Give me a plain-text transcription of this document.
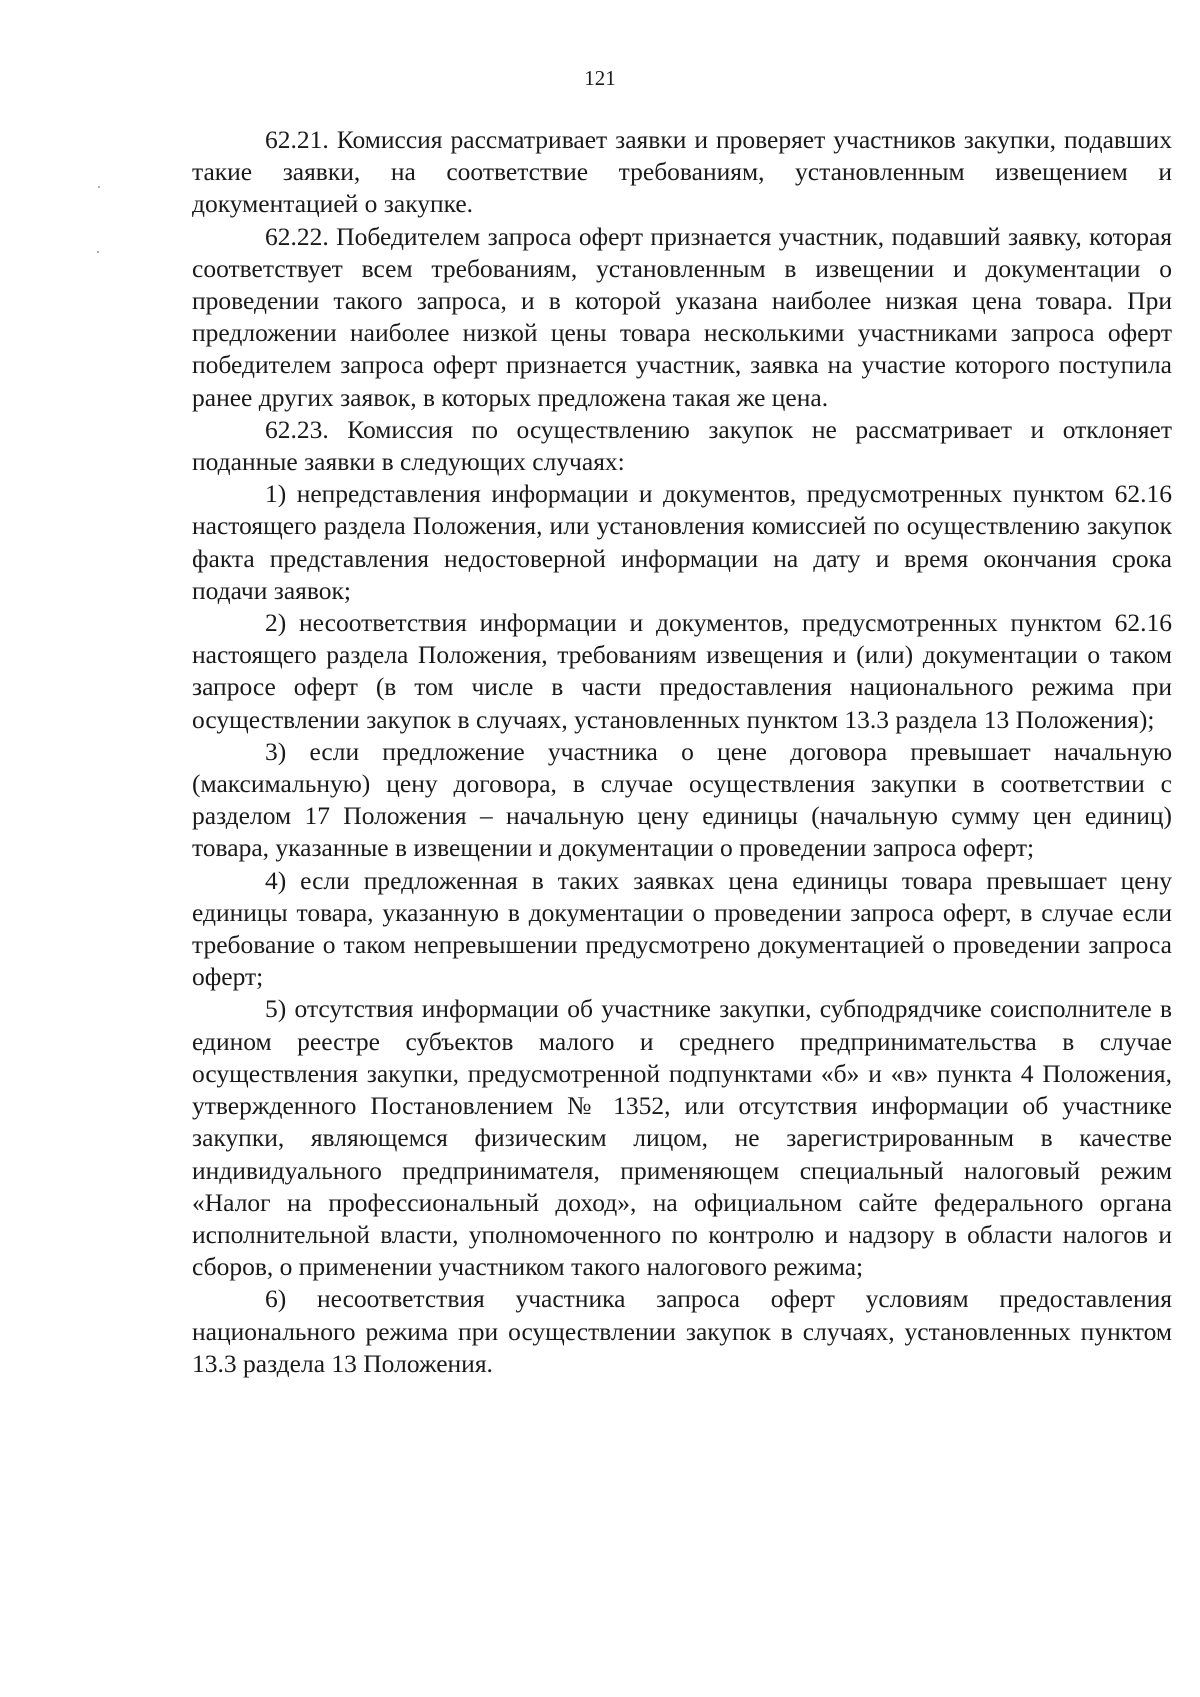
121

62.21. Комиссия рассматривает заявки и проверяет участников закупки, подавших такие заявки, на соответствие требованиям, установленным извещением и документацией о закупке.

62.22. Победителем запроса оферт признается участник, подавший заявку, которая соответствует всем требованиям, установленным в извещении и документации о проведении такого запроса, и в которой указана наиболее низкая цена товара. При предложении наиболее низкой цены товара несколькими участниками запроса оферт победителем запроса оферт признается участник, заявка на участие которого поступила ранее других заявок, в которых предложена такая же цена.

62.23. Комиссия по осуществлению закупок не рассматривает и отклоняет поданные заявки в следующих случаях:

1) непредставления информации и документов, предусмотренных пунктом 62.16 настоящего раздела Положения, или установления комиссией по осуществлению закупок факта представления недостоверной информации на дату и время окончания срока подачи заявок;

2) несоответствия информации и документов, предусмотренных пунктом 62.16 настоящего раздела Положения, требованиям извещения и (или) документации о таком запросе оферт (в том числе в части предоставления национального режима при осуществлении закупок в случаях, установленных пунктом 13.3 раздела 13 Положения);

3) если предложение участника о цене договора превышает начальную (максимальную) цену договора, в случае осуществления закупки в соответствии с разделом 17 Положения – начальную цену единицы (начальную сумму цен единиц) товара, указанные в извещении и документации о проведении запроса оферт;

4) если предложенная в таких заявках цена единицы товара превышает цену единицы товара, указанную в документации о проведении запроса оферт, в случае если требование о таком непревышении предусмотрено документацией о проведении запроса оферт;

5) отсутствия информации об участнике закупки, субподрядчике соисполнителе в едином реестре субъектов малого и среднего предпринимательства в случае осуществления закупки, предусмотренной подпунктами «б» и «в» пункта 4 Положения, утвержденного Постановлением № 1352, или отсутствия информации об участнике закупки, являющемся физическим лицом, не зарегистрированным в качестве индивидуального предпринимателя, применяющем специальный налоговый режим «Налог на профессиональный доход», на официальном сайте федерального органа исполнительной власти, уполномоченного по контролю и надзору в области налогов и сборов, о применении участником такого налогового режима;

6) несоответствия участника запроса оферт условиям предоставления национального режима при осуществлении закупок в случаях, установленных пунктом 13.3 раздела 13 Положения.
